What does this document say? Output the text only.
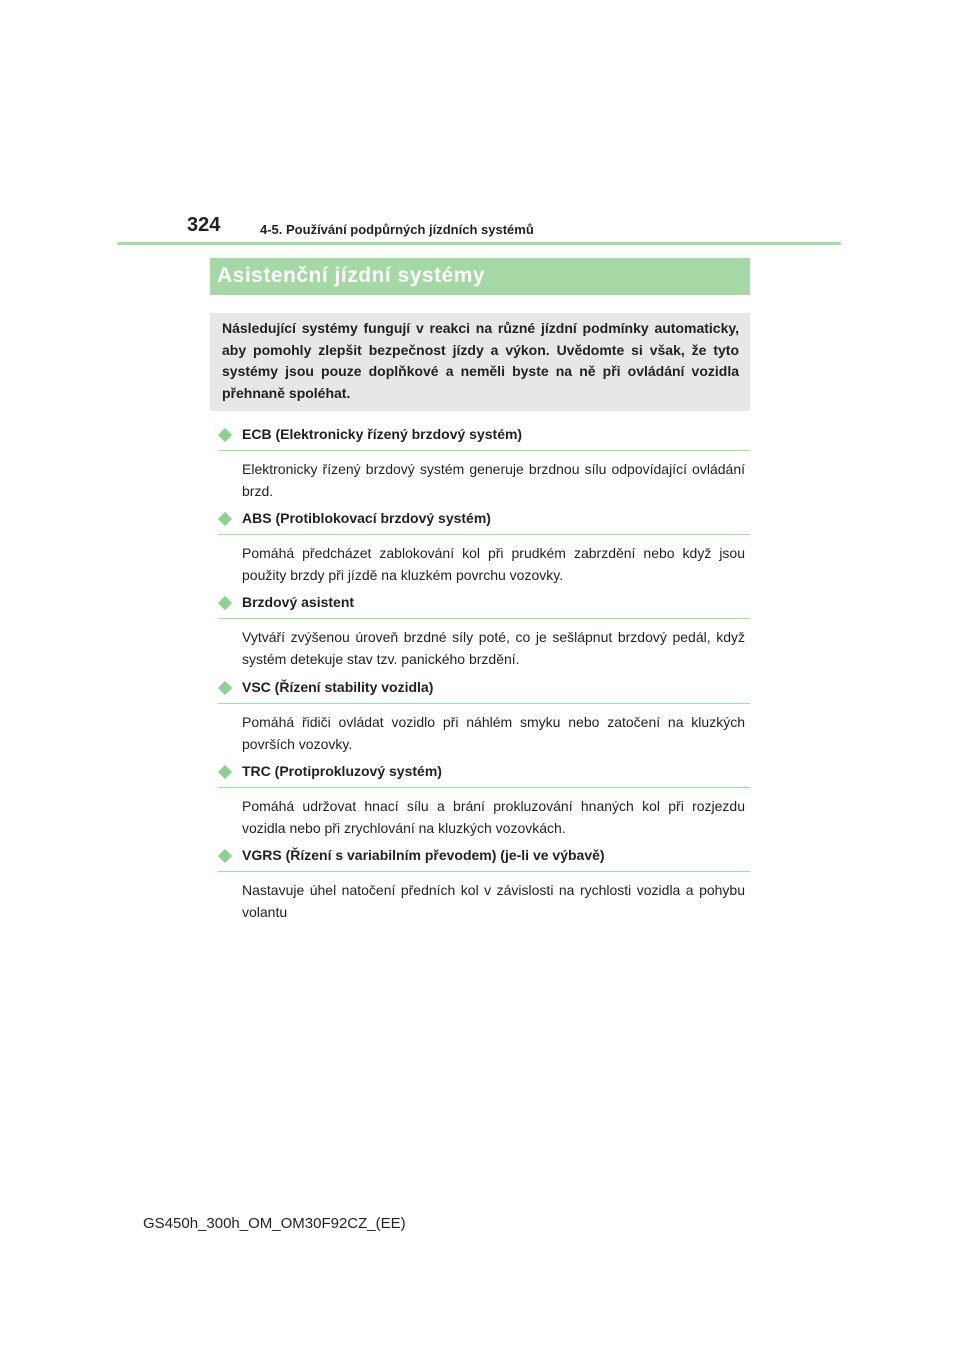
324	4-5. Používání podpůrných jízdních systémů
Asistenční jízdní systémy

Následující systémy fungují v reakci na různé jízdní podmínky automaticky, aby pomohly zlepšit bezpečnost jízdy a výkon. Uvědomte si však, že tyto systémy jsou pouze doplňkové a neměli byste na ně při ovládání vozidla přehnaně spoléhat.

ECB (Elektronicky řízený brzdový systém)

Elektronicky řízený brzdový systém generuje brzdnou sílu odpovídající ovládání brzd.

ABS (Protiblokovací brzdový systém)

Pomáhá předcházet zablokování kol při prudkém zabrzdění nebo když jsou použity brzdy při jízdě na kluzkém povrchu vozovky.

Brzdový asistent

Vytváří zvýšenou úroveň brzdné síly poté, co je sešlápnut brzdový pedál, když systém detekuje stav tzv. panického brzdění.

VSC (Řízení stability vozidla)

Pomáhá řidiči ovládat vozidlo při náhlém smyku nebo zatočení na kluzkých površích vozovky.

TRC (Protiprokluzový systém)

Pomáhá udržovat hnací sílu a brání prokluzování hnaných kol při rozjezdu vozidla nebo při zrychlování na kluzkých vozovkách.

VGRS (Řízení s variabilním převodem) (je-li ve výbavě)

Nastavuje úhel natočení předních kol v závislosti na rychlosti vozidla a pohybu volantu

GS450h_300h_OM_OM30F92CZ_(EE)
